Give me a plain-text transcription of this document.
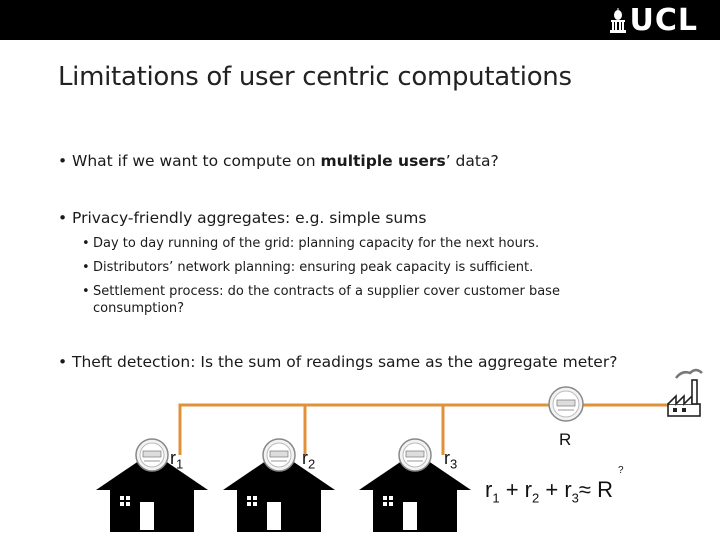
UCL
Limitations of user centric computations
• What if we want to compute on multiple users’ data?
• Privacy-friendly aggregates: e.g. simple sums
• Day to day running of the grid: planning capacity for the next hours.
• Distributors’ network planning: ensuring peak capacity is sufficient.
• Settlement process: do the contracts of a supplier cover customer base
consumption?
• Theft detection: Is the sum of readings same as the aggregate meter?
$r_1$	$r_2$	$r_3$
R
?
$r_1 + r_2 + r_3\approx R$
